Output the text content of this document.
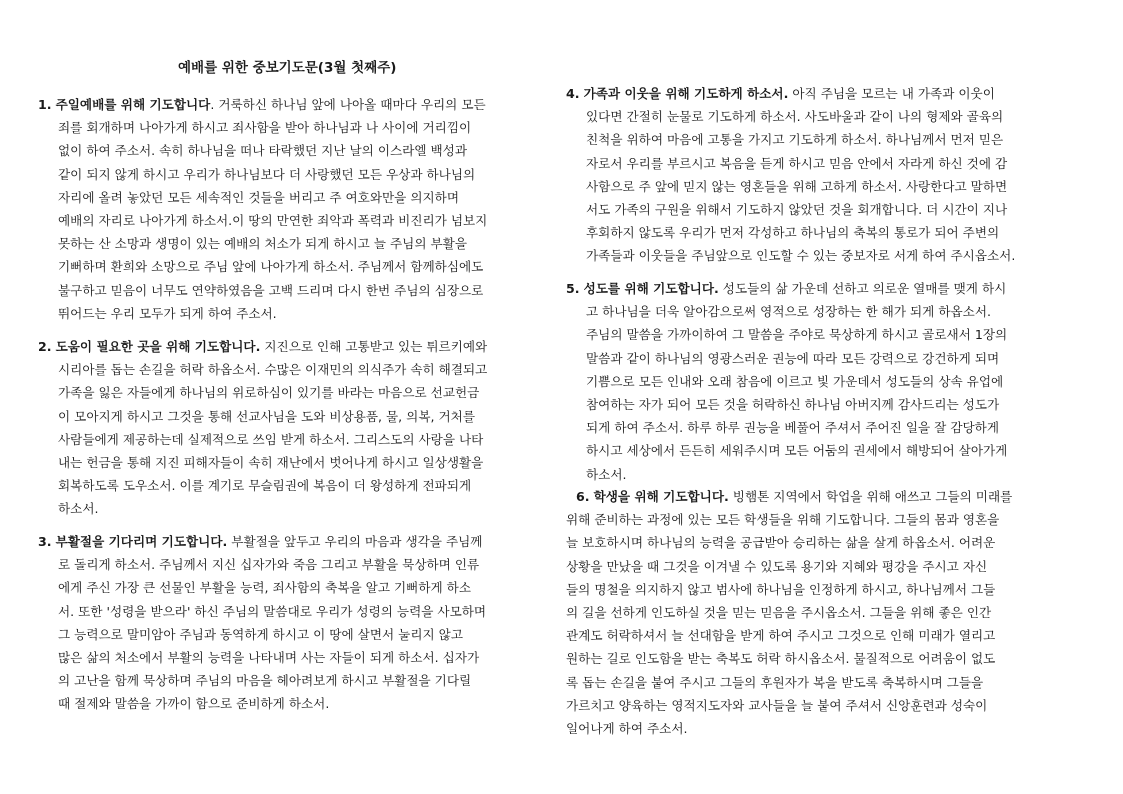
예배를 위한 중보기도문(3월 첫째주)
1. 주일예배를 위해 기도합니다. 거룩하신 하나님 앞에 나아올 때마다 우리의 모든
죄를 회개하며 나아가게 하시고 죄사함을 받아 하나님과 나 사이에 거리낌이
없이 하여 주소서. 속히 하나님을 떠나 타락했던 지난 날의 이스라엘 백성과
같이 되지 않게 하시고 우리가 하나님보다 더 사랑했던 모든 우상과 하나님의
자리에 올려 놓았던 모든 세속적인 것들을 버리고 주 여호와만을 의지하며
예배의 자리로 나아가게 하소서.이 땅의 만연한 죄악과 폭력과 비진리가 넘보지
못하는 산 소망과 생명이 있는 예배의 처소가 되게 하시고 늘 주님의 부활을
기뻐하며 환희와 소망으로 주님 앞에 나아가게 하소서. 주님께서 함께하심에도
불구하고 믿음이 너무도 연약하였음을 고백 드리며 다시 한번 주님의 심장으로
뛰어드는 우리 모두가 되게 하여 주소서.
2. 도움이 필요한 곳을 위해 기도합니다. 지진으로 인해 고통받고 있는 튀르키예와
시리아를 돕는 손길을 허락 하옵소서. 수많은 이재민의 의식주가 속히 해결되고
가족을 잃은 자들에게 하나님의 위로하심이 있기를 바라는 마음으로 선교헌금
이 모아지게 하시고 그것을 통해 선교사님을 도와 비상용품, 물, 의복, 거처를
사람들에게 제공하는데 실제적으로 쓰임 받게 하소서. 그리스도의 사랑을 나타
내는 헌금을 통해 지진 피해자들이 속히 재난에서 벗어나게 하시고 일상생활을
회복하도록 도우소서. 이를 계기로 무슬림권에 복음이 더 왕성하게 전파되게
하소서.
3. 부활절을 기다리며 기도합니다. 부활절을 앞두고 우리의 마음과 생각을 주님께
로 돌리게 하소서. 주님께서 지신 십자가와 죽음 그리고 부활을 묵상하며 인류
에게 주신 가장 큰 선물인 부활을 능력, 죄사함의 축복을 알고 기뻐하게 하소
서. 또한 '성령을 받으라' 하신 주님의 말씀대로 우리가 성령의 능력을 사모하며
그 능력으로 말미암아 주님과 동역하게 하시고 이 땅에 살면서 눌리지 않고
많은 삶의 처소에서 부활의 능력을 나타내며 사는 자들이 되게 하소서. 십자가
의 고난을 함께 묵상하며 주님의 마음을 헤아려보게 하시고 부활절을 기다릴
때 절제와 말씀을 가까이 함으로 준비하게 하소서.
4. 가족과 이웃을 위해 기도하게 하소서. 아직 주님을 모르는 내 가족과 이웃이
있다면 간절히 눈물로 기도하게 하소서. 사도바울과 같이 나의 형제와 골육의
친척을 위하여 마음에 고통을 가지고 기도하게 하소서. 하나님께서 먼저 믿은
자로서 우리를 부르시고 복음을 듣게 하시고 믿음 안에서 자라게 하신 것에 감
사함으로 주 앞에 믿지 않는 영혼들을 위해 고하게 하소서. 사랑한다고 말하면
서도 가족의 구원을 위해서 기도하지 않았던 것을 회개합니다. 더 시간이 지나
후회하지 않도록 우리가 먼저 각성하고 하나님의 축복의 통로가 되어 주변의
가족들과 이웃들을 주님앞으로 인도할 수 있는 중보자로 서게 하여 주시옵소서.
5. 성도를 위해 기도합니다. 성도들의 삶 가운데 선하고 의로운 열매를 맺게 하시
고 하나님을 더욱 알아감으로써 영적으로 성장하는 한 해가 되게 하옵소서.
주님의 말씀을 가까이하여 그 말씀을 주야로 묵상하게 하시고 골로새서 1장의
말씀과 같이 하나님의 영광스러운 권능에 따라 모든 강력으로 강건하게 되며
기쁨으로 모든 인내와 오래 참음에 이르고 빛 가운데서 성도들의 상속 유업에
참여하는 자가 되어 모든 것을 허락하신 하나님 아버지께 감사드리는 성도가
되게 하여 주소서. 하루 하루 권능을 베풀어 주셔서 주어진 일을 잘 감당하게
하시고 세상에서 든든히 세워주시며 모든 어둠의 권세에서 해방되어 살아가게
하소서.
6. 학생을 위해 기도합니다. 빙햄톤 지역에서 학업을 위해 애쓰고 그들의 미래를
위해 준비하는 과정에 있는 모든 학생들을 위해 기도합니다. 그들의 몸과 영혼을
늘 보호하시며 하나님의 능력을 공급받아 승리하는 삶을 살게 하옵소서. 어려운
상황을 만났을 때 그것을 이겨낼 수 있도록 용기와 지혜와 평강을 주시고 자신
들의 명철을 의지하지 않고 범사에 하나님을 인정하게 하시고, 하나님께서 그들
의 길을 선하게 인도하실 것을 믿는 믿음을 주시옵소서. 그들을 위해 좋은 인간
관계도 허락하셔서 늘 선대함을 받게 하여 주시고 그것으로 인해 미래가 열리고
원하는 길로 인도함을 받는 축복도 허락 하시옵소서. 물질적으로 어려움이 없도
록 돕는 손길을 붙여 주시고 그들의 후원자가 복을 받도록 축복하시며 그들을
가르치고 양육하는 영적지도자와 교사들을 늘 붙여 주셔서 신앙훈련과 성숙이
일어나게 하여 주소서.
